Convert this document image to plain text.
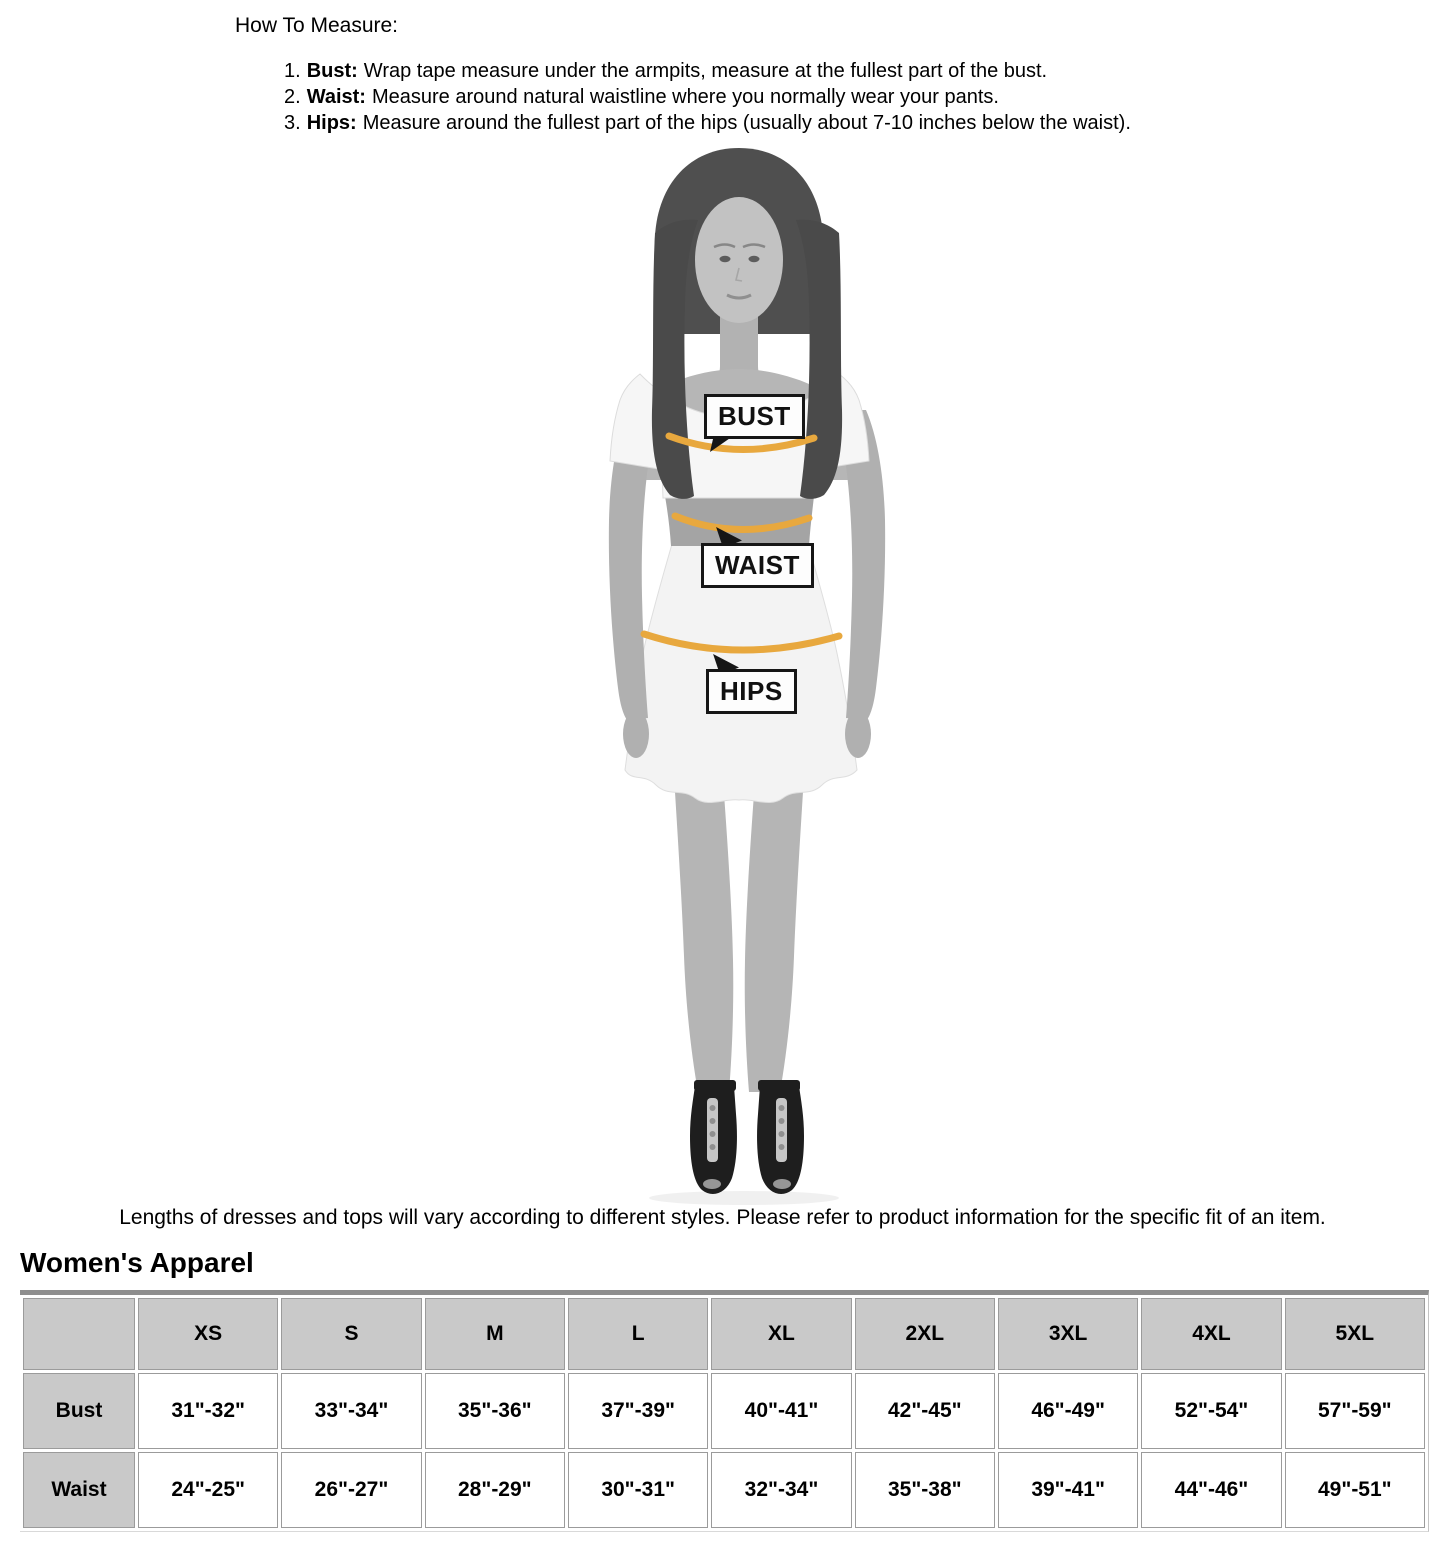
How To Measure:
1. Bust: Wrap tape measure under the armpits, measure at the fullest part of the bust.
2. Waist: Measure around natural waistline where you normally wear your pants.
3. Hips: Measure around the fullest part of the hips (usually about 7-10 inches below the waist).
BUST
WAIST
HIPS
Lengths of dresses and tops will vary according to different styles. Please refer to product information for the specific fit of an item.
Women's Apparel
	XS	S	M	L	XL	2XL	3XL	4XL	5XL
Bust	31"-32"	33"-34"	35"-36"	37"-39"	40"-41"	42"-45"	46"-49"	52"-54"	57"-59"
Waist	24"-25"	26"-27"	28"-29"	30"-31"	32"-34"	35"-38"	39"-41"	44"-46"	49"-51"
